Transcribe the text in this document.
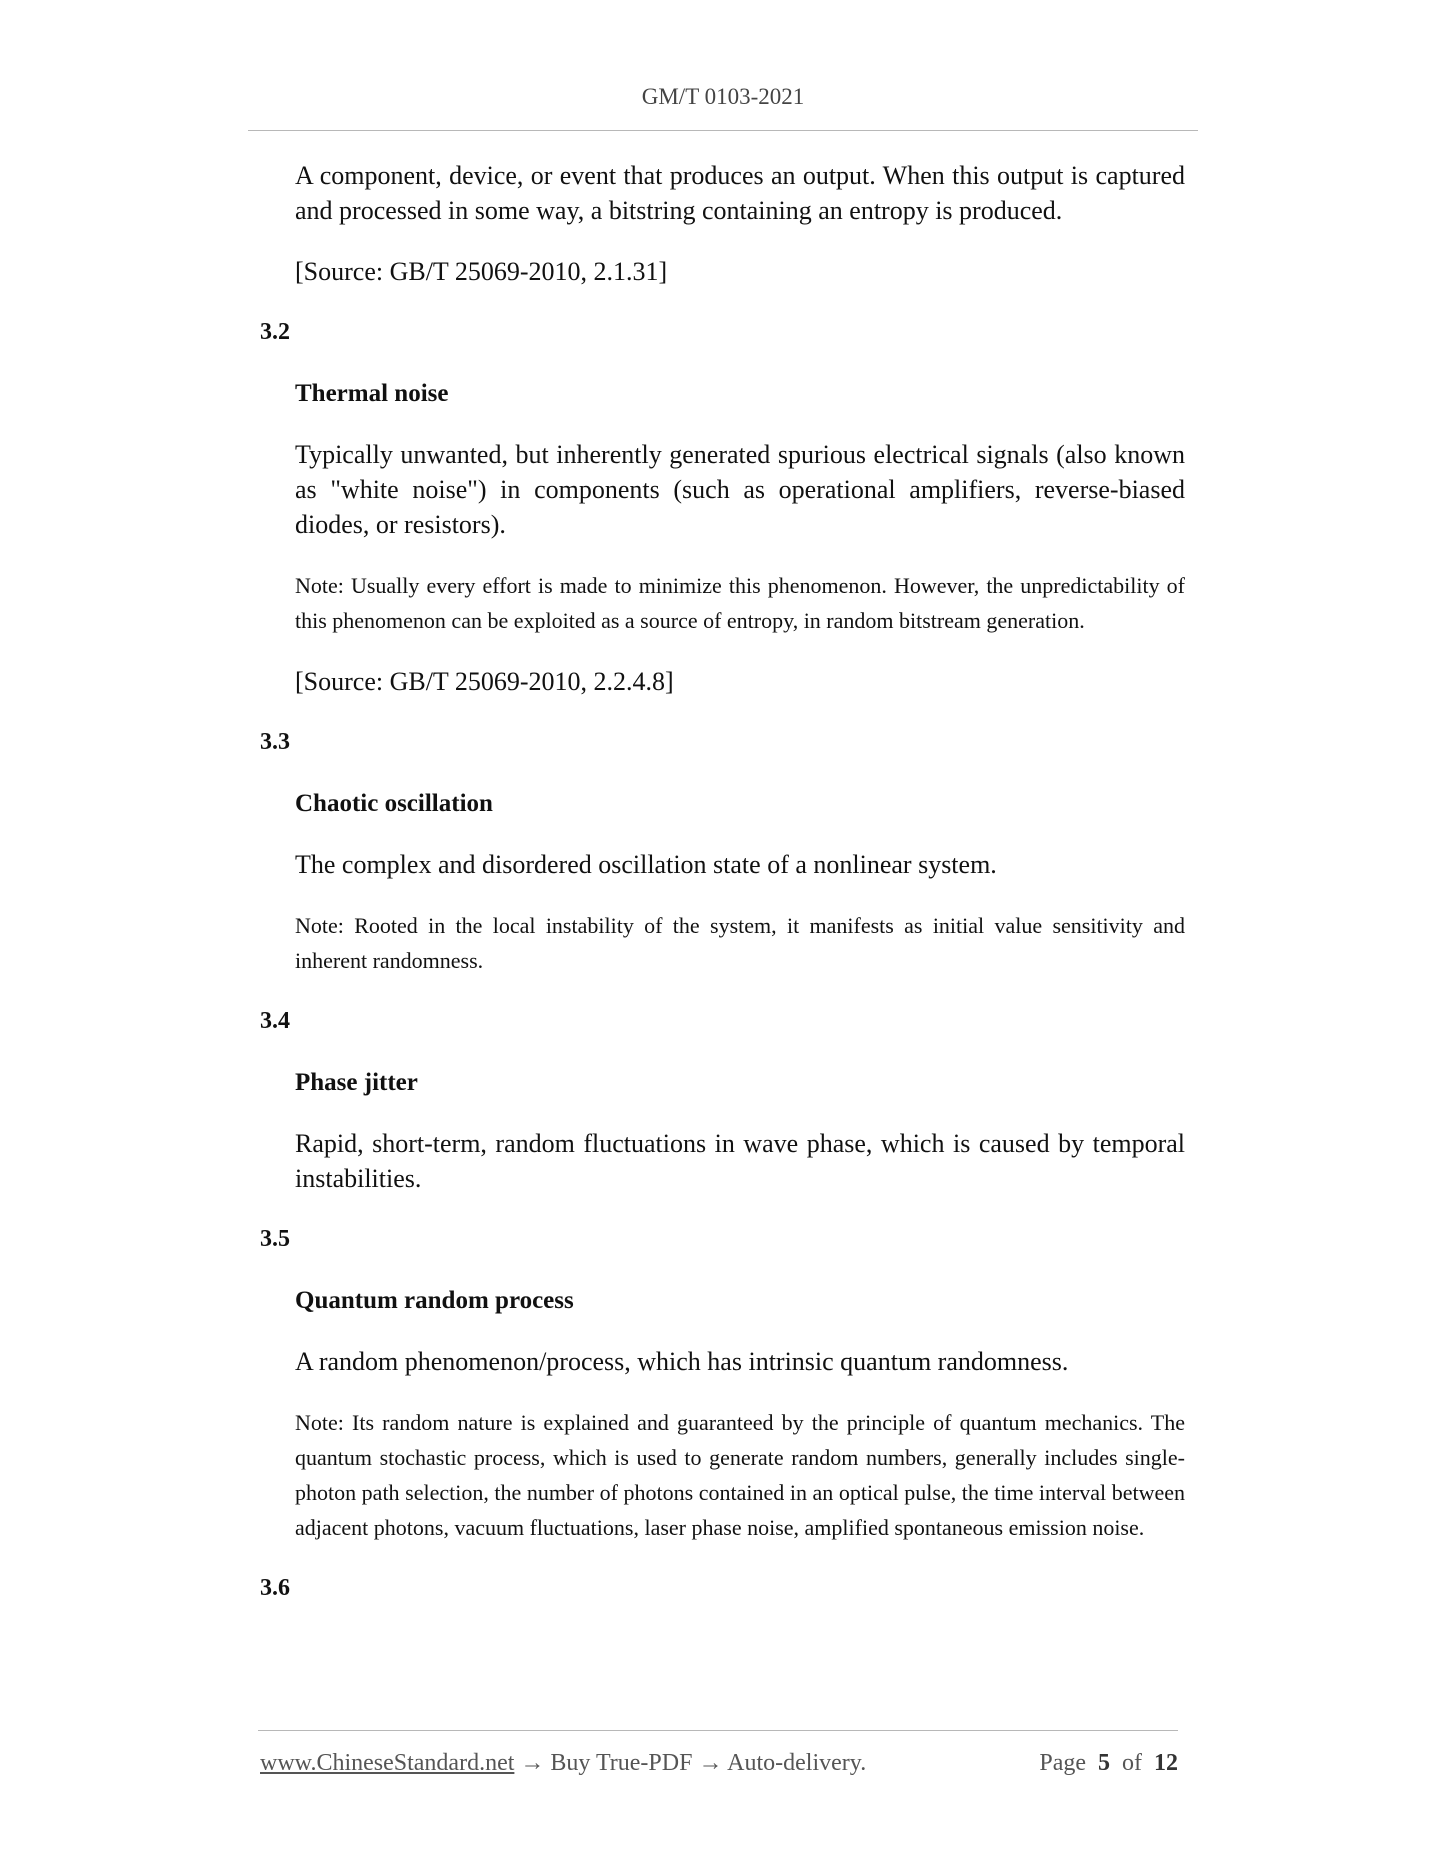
GM/T 0103-2021

A component, device, or event that produces an output. When this output is captured and processed in some way, a bitstring containing an entropy is produced.

[Source: GB/T 25069-2010, 2.1.31]

3.2

Thermal noise

Typically unwanted, but inherently generated spurious electrical signals (also known as "white noise") in components (such as operational amplifiers, reverse-biased diodes, or resistors).

Note: Usually every effort is made to minimize this phenomenon. However, the unpredictability of this phenomenon can be exploited as a source of entropy, in random bitstream generation.

[Source: GB/T 25069-2010, 2.2.4.8]

3.3

Chaotic oscillation

The complex and disordered oscillation state of a nonlinear system.

Note: Rooted in the local instability of the system, it manifests as initial value sensitivity and inherent randomness.

3.4

Phase jitter

Rapid, short-term, random fluctuations in wave phase, which is caused by temporal instabilities.

3.5

Quantum random process

A random phenomenon/process, which has intrinsic quantum randomness.

Note: Its random nature is explained and guaranteed by the principle of quantum mechanics. The quantum stochastic process, which is used to generate random numbers, generally includes single-photon path selection, the number of photons contained in an optical pulse, the time interval between adjacent photons, vacuum fluctuations, laser phase noise, amplified spontaneous emission noise.

3.6

www.ChineseStandard.net → Buy True-PDF → Auto-delivery.	Page 5 of 12
